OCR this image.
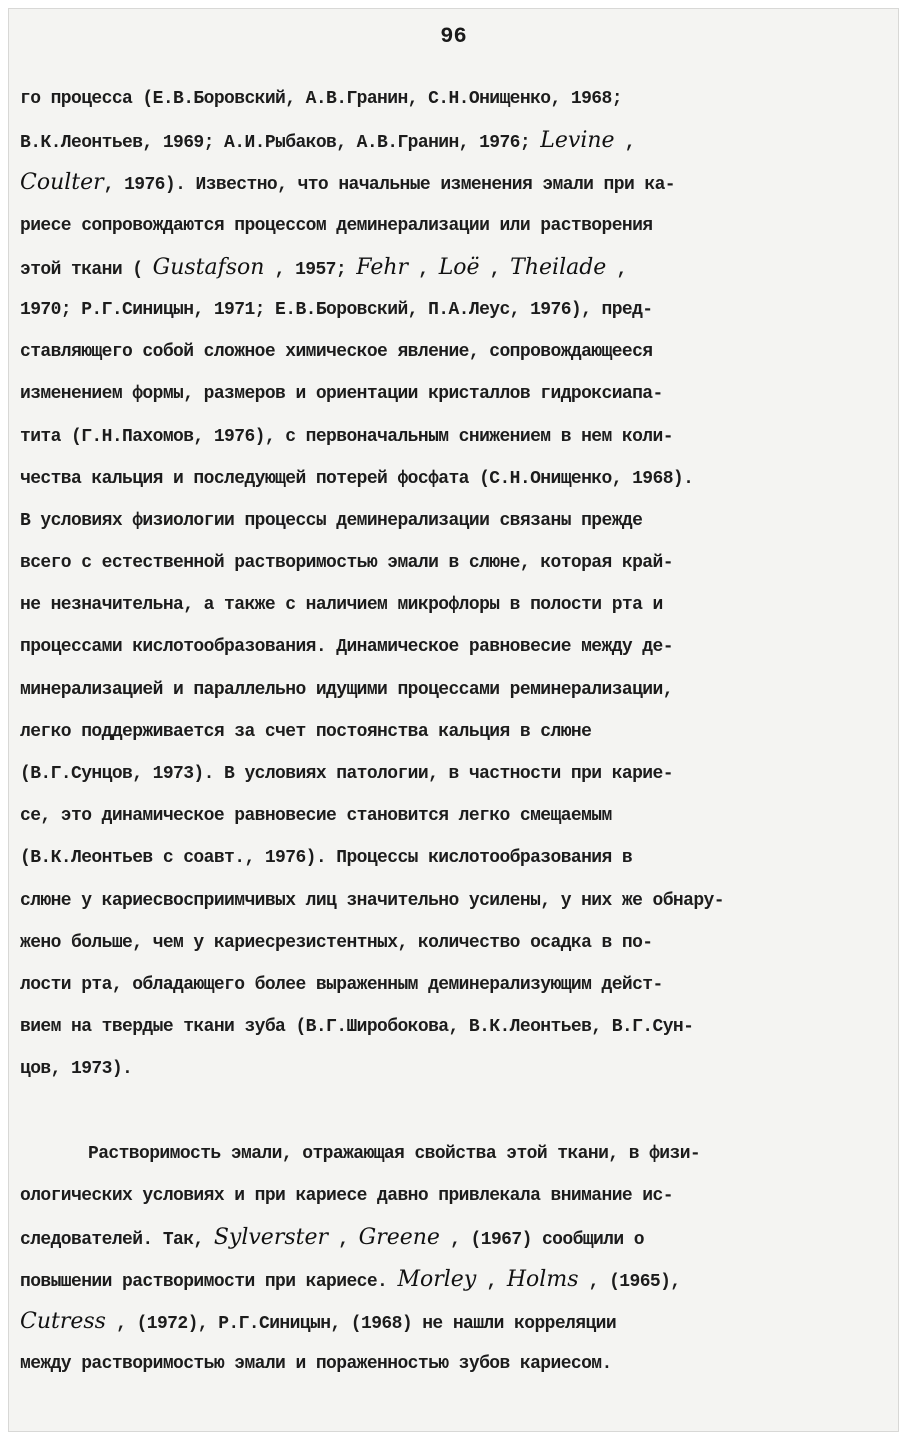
96
го процесса (Е.В.Боровский, А.В.Гранин, С.Н.Онищенко, 1968;
В.К.Леонтьев, 1969; А.И.Рыбаков, А.В.Гранин, 1976; Levine ,
Coulter, 1976). Известно, что начальные изменения эмали при ка-
риесе сопровождаются процессом деминерализации или растворения
этой ткани ( Gustafson , 1957; Fehr , Loë , Theilade ,
1970; Р.Г.Синицын, 1971; Е.В.Боровский, П.А.Леус, 1976), пред-
ставляющего собой сложное химическое явление, сопровождающееся
изменением формы, размеров и ориентации кристаллов гидроксиапа-
тита (Г.Н.Пахомов, 1976), с первоначальным снижением в нем коли-
чества кальция и последующей потерей фосфата (С.Н.Онищенко, 1968).
В условиях физиологии процессы деминерализации связаны прежде
всего с естественной растворимостью эмали в слюне, которая край-
не незначительна, а также с наличием микрофлоры в полости рта и
процессами кислотообразования. Динамическое равновесие между де-
минерализацией и параллельно идущими процессами реминерализации,
легко поддерживается за счет постоянства кальция в слюне
(В.Г.Сунцов, 1973). В условиях патологии, в частности при карие-
се, это динамическое равновесие становится легко смещаемым
(В.К.Леонтьев с соавт., 1976). Процессы кислотообразования в
слюне у кариесвосприимчивых лиц значительно усилены, у них же обнару-
жено больше, чем у кариесрезистентных, количество осадка в по-
лости рта, обладающего более выраженным деминерализующим дейст-
вием на твердые ткани зуба (В.Г.Широбокова, В.К.Леонтьев, В.Г.Сун-
цов, 1973).
Растворимость эмали, отражающая свойства этой ткани, в физи-
ологических условиях и при кариесе давно привлекала внимание ис-
следователей. Так, Sylverster , Greene , (1967) сообщили о
повышении растворимости при кариесе. Morley , Holms , (1965),
Cutress , (1972), Р.Г.Синицын, (1968) не нашли корреляции
между растворимостью эмали и пораженностью зубов кариесом.
